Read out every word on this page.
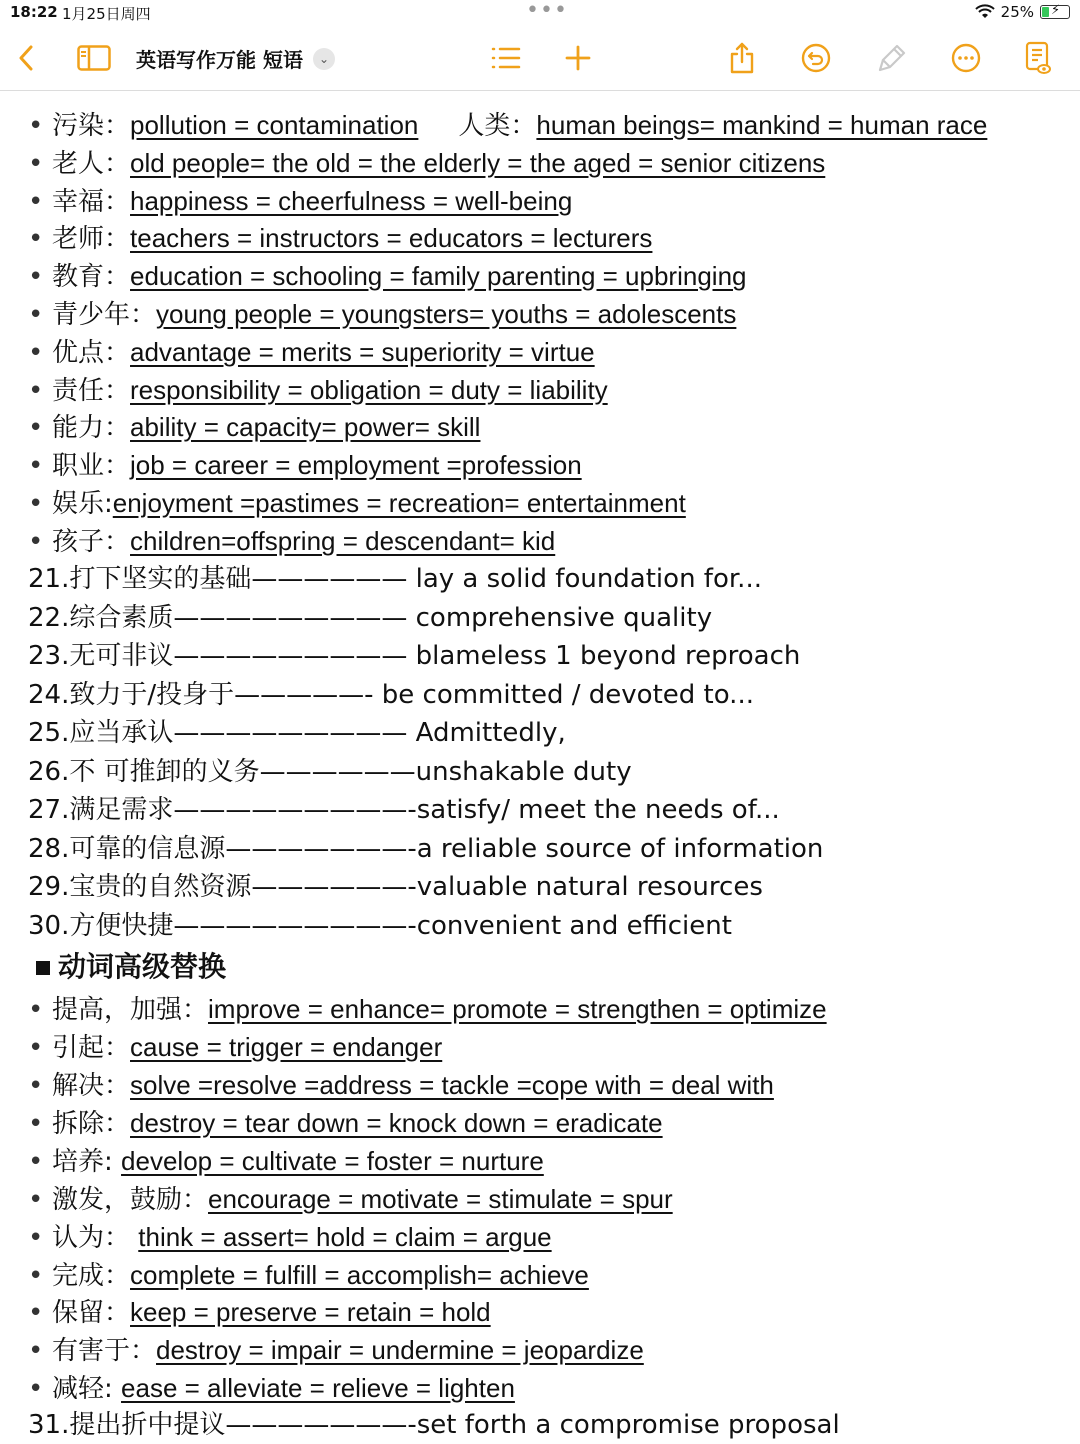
18:22 1月25日周四	•••	25% ⚡
英语写作万能 短语	⌄
• 污染：pollution = contamination 人类：human beings= mankind = human race
• 老人：old people= the old = the elderly = the aged = senior citizens
• 幸福：happiness = cheerfulness = well-being
• 老师：teachers = instructors = educators = lecturers
• 教育：education = schooling = family parenting = upbringing
• 青少年：young people = youngsters= youths = adolescents
• 优点：advantage = merits = superiority = virtue
• 责任：responsibility = obligation = duty = liability
• 能力：ability = capacity= power= skill
• 职业：job = career = employment =profession
• 娱乐:enjoyment =pastimes = recreation= entertainment
• 孩子：children=offspring = descendant= kid
21.打下坚实的基础—————— lay a solid foundation for...
22.综合素质————————— comprehensive quality
23.无可非议————————— blameless 1 beyond reproach
24.致力于/投身于—————- be committed / devoted to...
25.应当承认————————— Admittedly,
26.不 可推卸的义务——————unshakable duty
27.满足需求—————————-satisfy/ meet the needs of...
28.可靠的信息源———————-a reliable source of information
29.宝贵的自然资源——————-valuable natural resources
30.方便快捷—————————-convenient and efficient
动词高级替换
• 提高，加强：improve = enhance= promote = strengthen = optimize
• 引起：cause = trigger = endanger
• 解决：solve =resolve =address = tackle =cope with = deal with
• 拆除：destroy = tear down = knock down = eradicate
• 培养: develop = cultivate = foster = nurture
• 激发，鼓励：encourage = motivate = stimulate = spur
• 认为： think = assert= hold = claim = argue
• 完成：complete = fulfill = accomplish= achieve
• 保留：keep = preserve = retain = hold
• 有害于：destroy = impair = undermine = jeopardize
• 减轻: ease = alleviate = relieve = lighten
31.提出折中提议———————-set forth a compromise proposal
